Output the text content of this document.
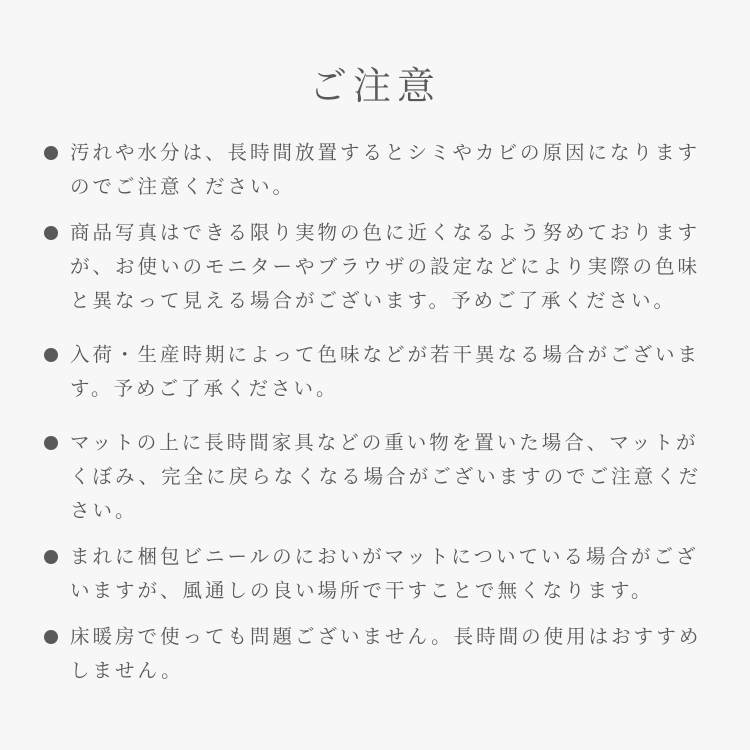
ご注意
汚れや水分は、長時間放置するとシミやカビの原因になりますのでご注意ください。
商品写真はできる限り実物の色に近くなるよう努めておりますが、お使いのモニターやブラウザの設定などにより実際の色味と異なって見える場合がございます。予めご了承ください。
入荷・生産時期によって色味などが若干異なる場合がございます。予めご了承ください。
マットの上に長時間家具などの重い物を置いた場合、マットがくぼみ、完全に戻らなくなる場合がございますのでご注意ください。
まれに梱包ビニールのにおいがマットについている場合がございますが、風通しの良い場所で干すことで無くなります。
床暖房で使っても問題ございません。長時間の使用はおすすめしません。
